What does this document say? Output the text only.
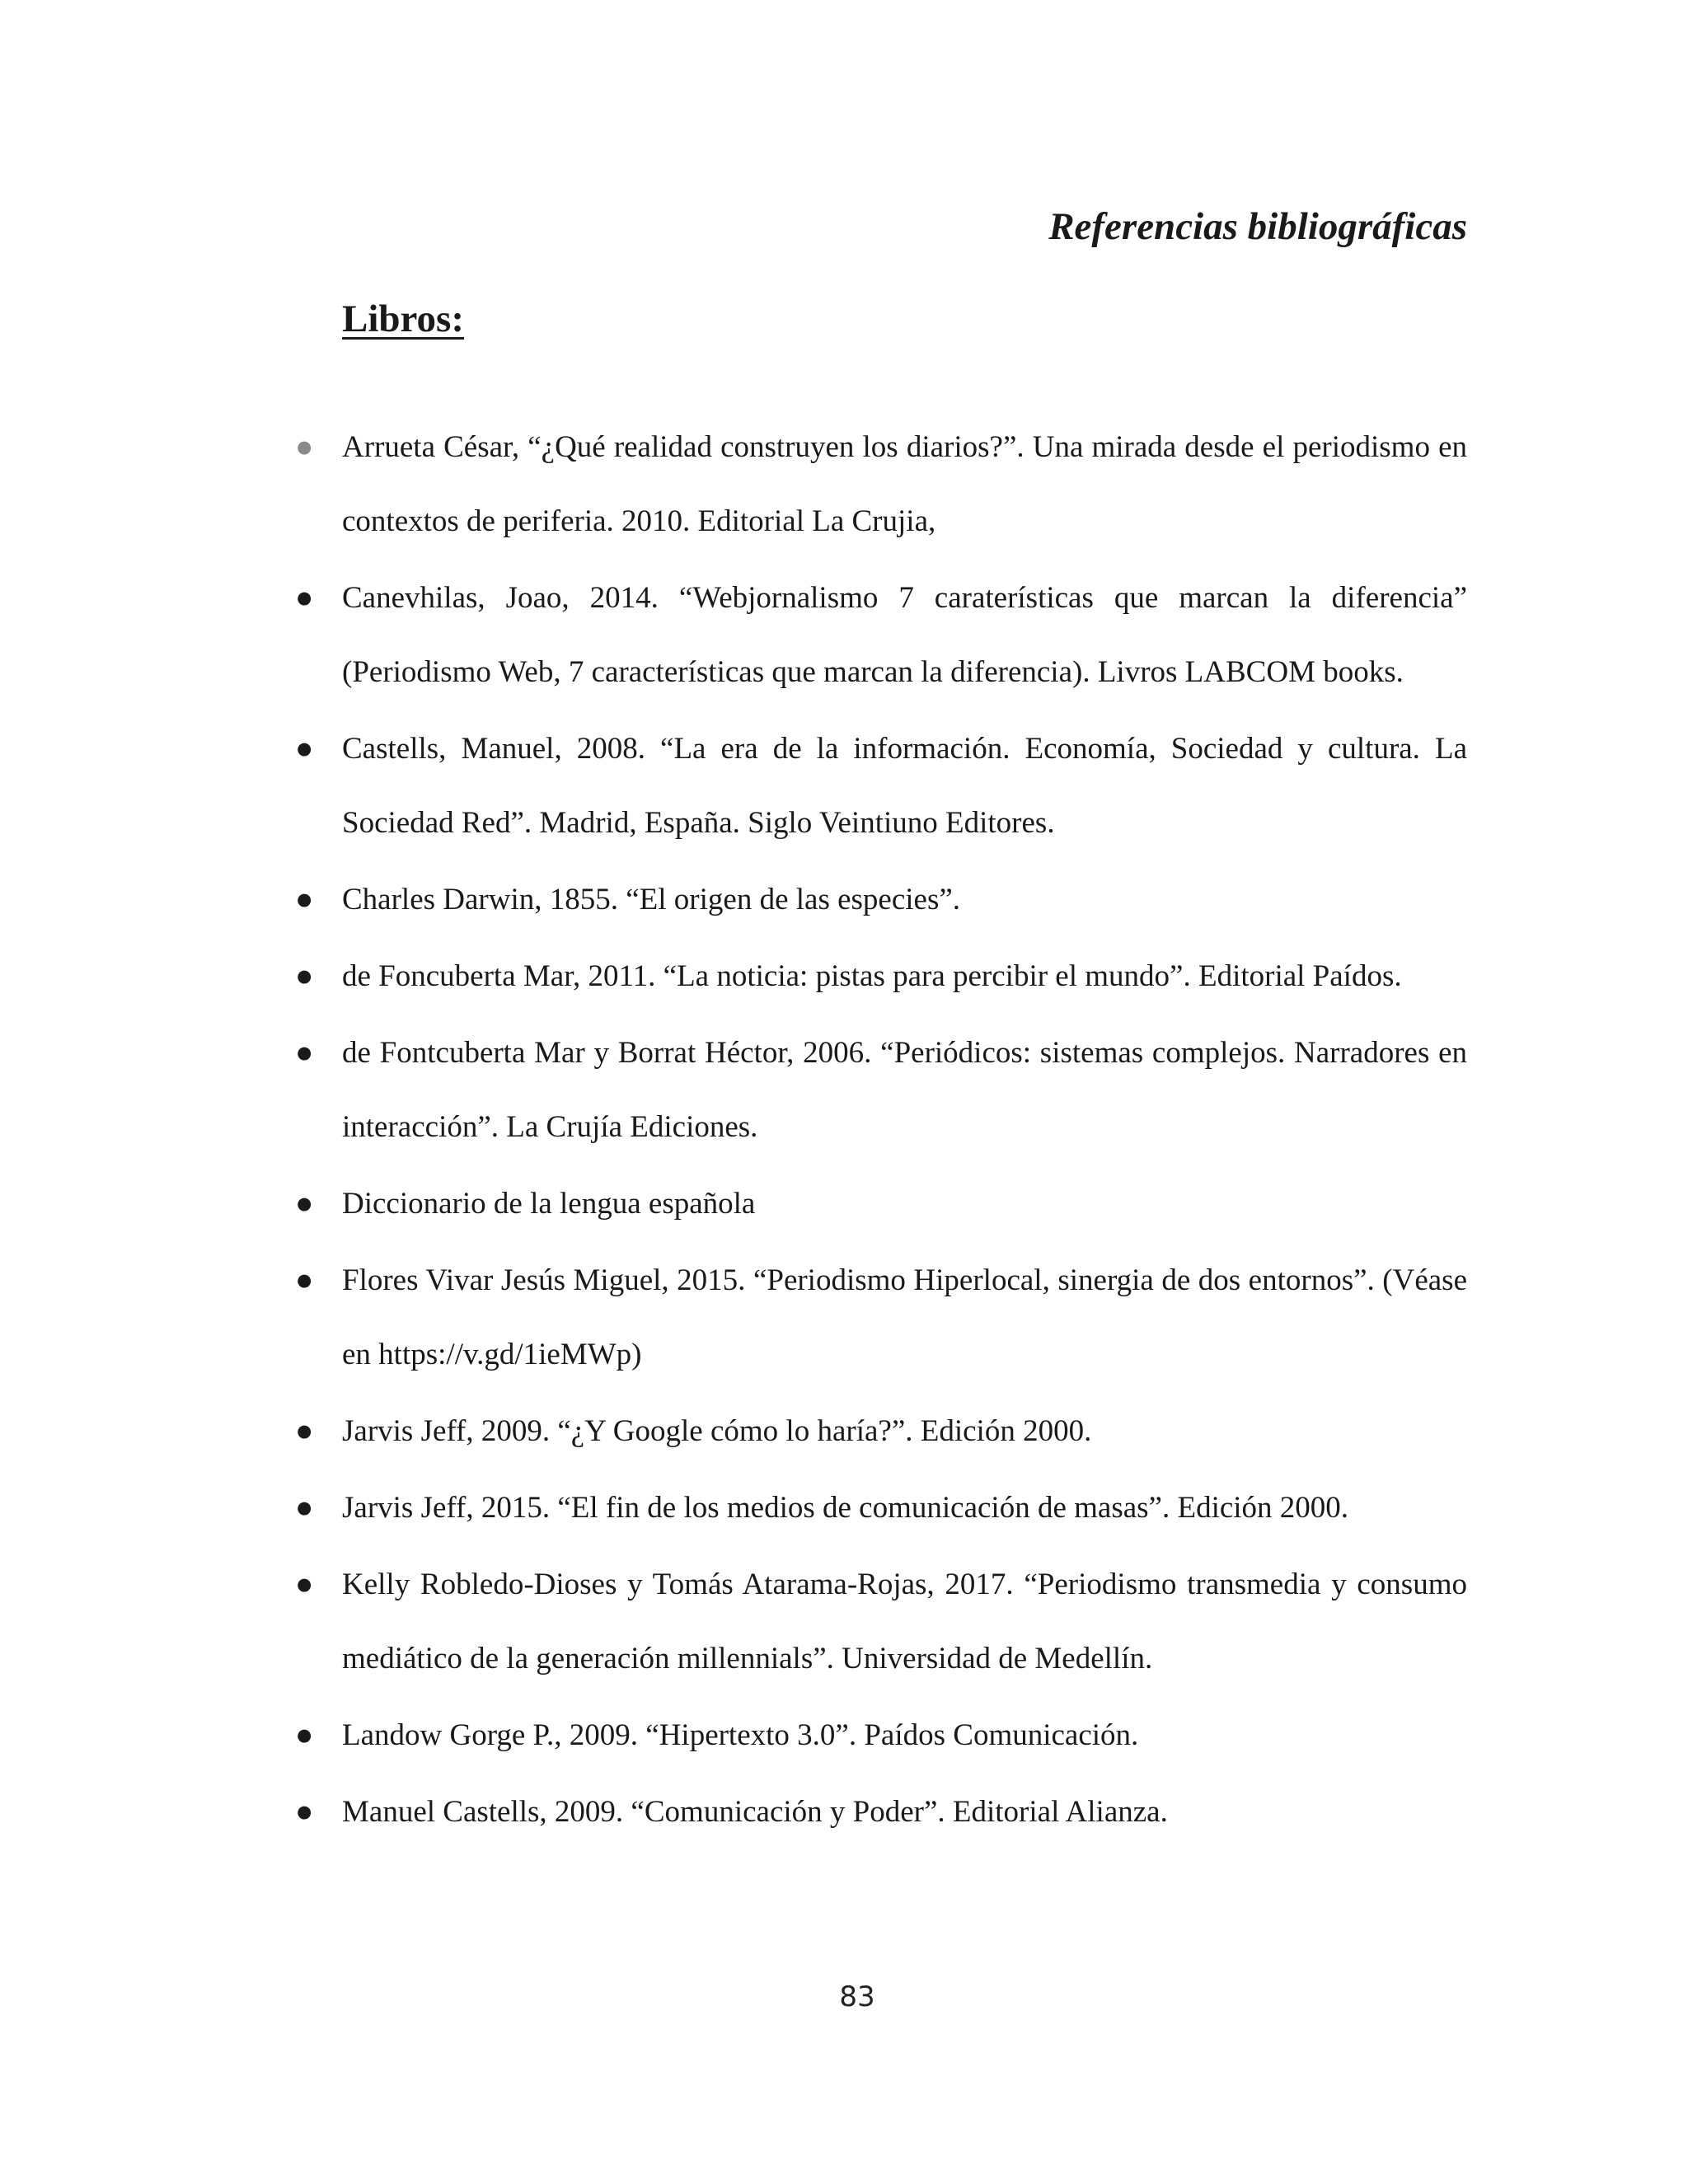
Referencias bibliográficas
Libros:
● Arrueta César, “¿Qué realidad construyen los diarios?”. Una mirada desde el periodismo en contextos de periferia. 2010. Editorial La Crujia,
● Canevhilas, Joao, 2014. “Webjornalismo 7 caraterísticas que marcan la diferencia” (Periodismo Web, 7 características que marcan la diferencia). Livros LABCOM books.
● Castells, Manuel, 2008. “La era de la información. Economía, Sociedad y cultura. La Sociedad Red”. Madrid, España. Siglo Veintiuno Editores.
● Charles Darwin, 1855. “El origen de las especies”.
● de Foncuberta Mar, 2011. “La noticia: pistas para percibir el mundo”. Editorial Paídos.
● de Fontcuberta Mar y Borrat Héctor, 2006. “Periódicos: sistemas complejos. Narradores en interacción”. La Crujía Ediciones.
● Diccionario de la lengua española
● Flores Vivar Jesús Miguel, 2015. “Periodismo Hiperlocal, sinergia de dos entornos”. (Véase en https://v.gd/1ieMWp)
● Jarvis Jeff, 2009. “¿Y Google cómo lo haría?”. Edición 2000.
● Jarvis Jeff, 2015. “El fin de los medios de comunicación de masas”. Edición 2000.
● Kelly Robledo-Dioses y Tomás Atarama-Rojas, 2017. “Periodismo transmedia y consumo mediático de la generación millennials”. Universidad de Medellín.
● Landow Gorge P., 2009. “Hipertexto 3.0”. Paídos Comunicación.
● Manuel Castells, 2009. “Comunicación y Poder”. Editorial Alianza.
83
